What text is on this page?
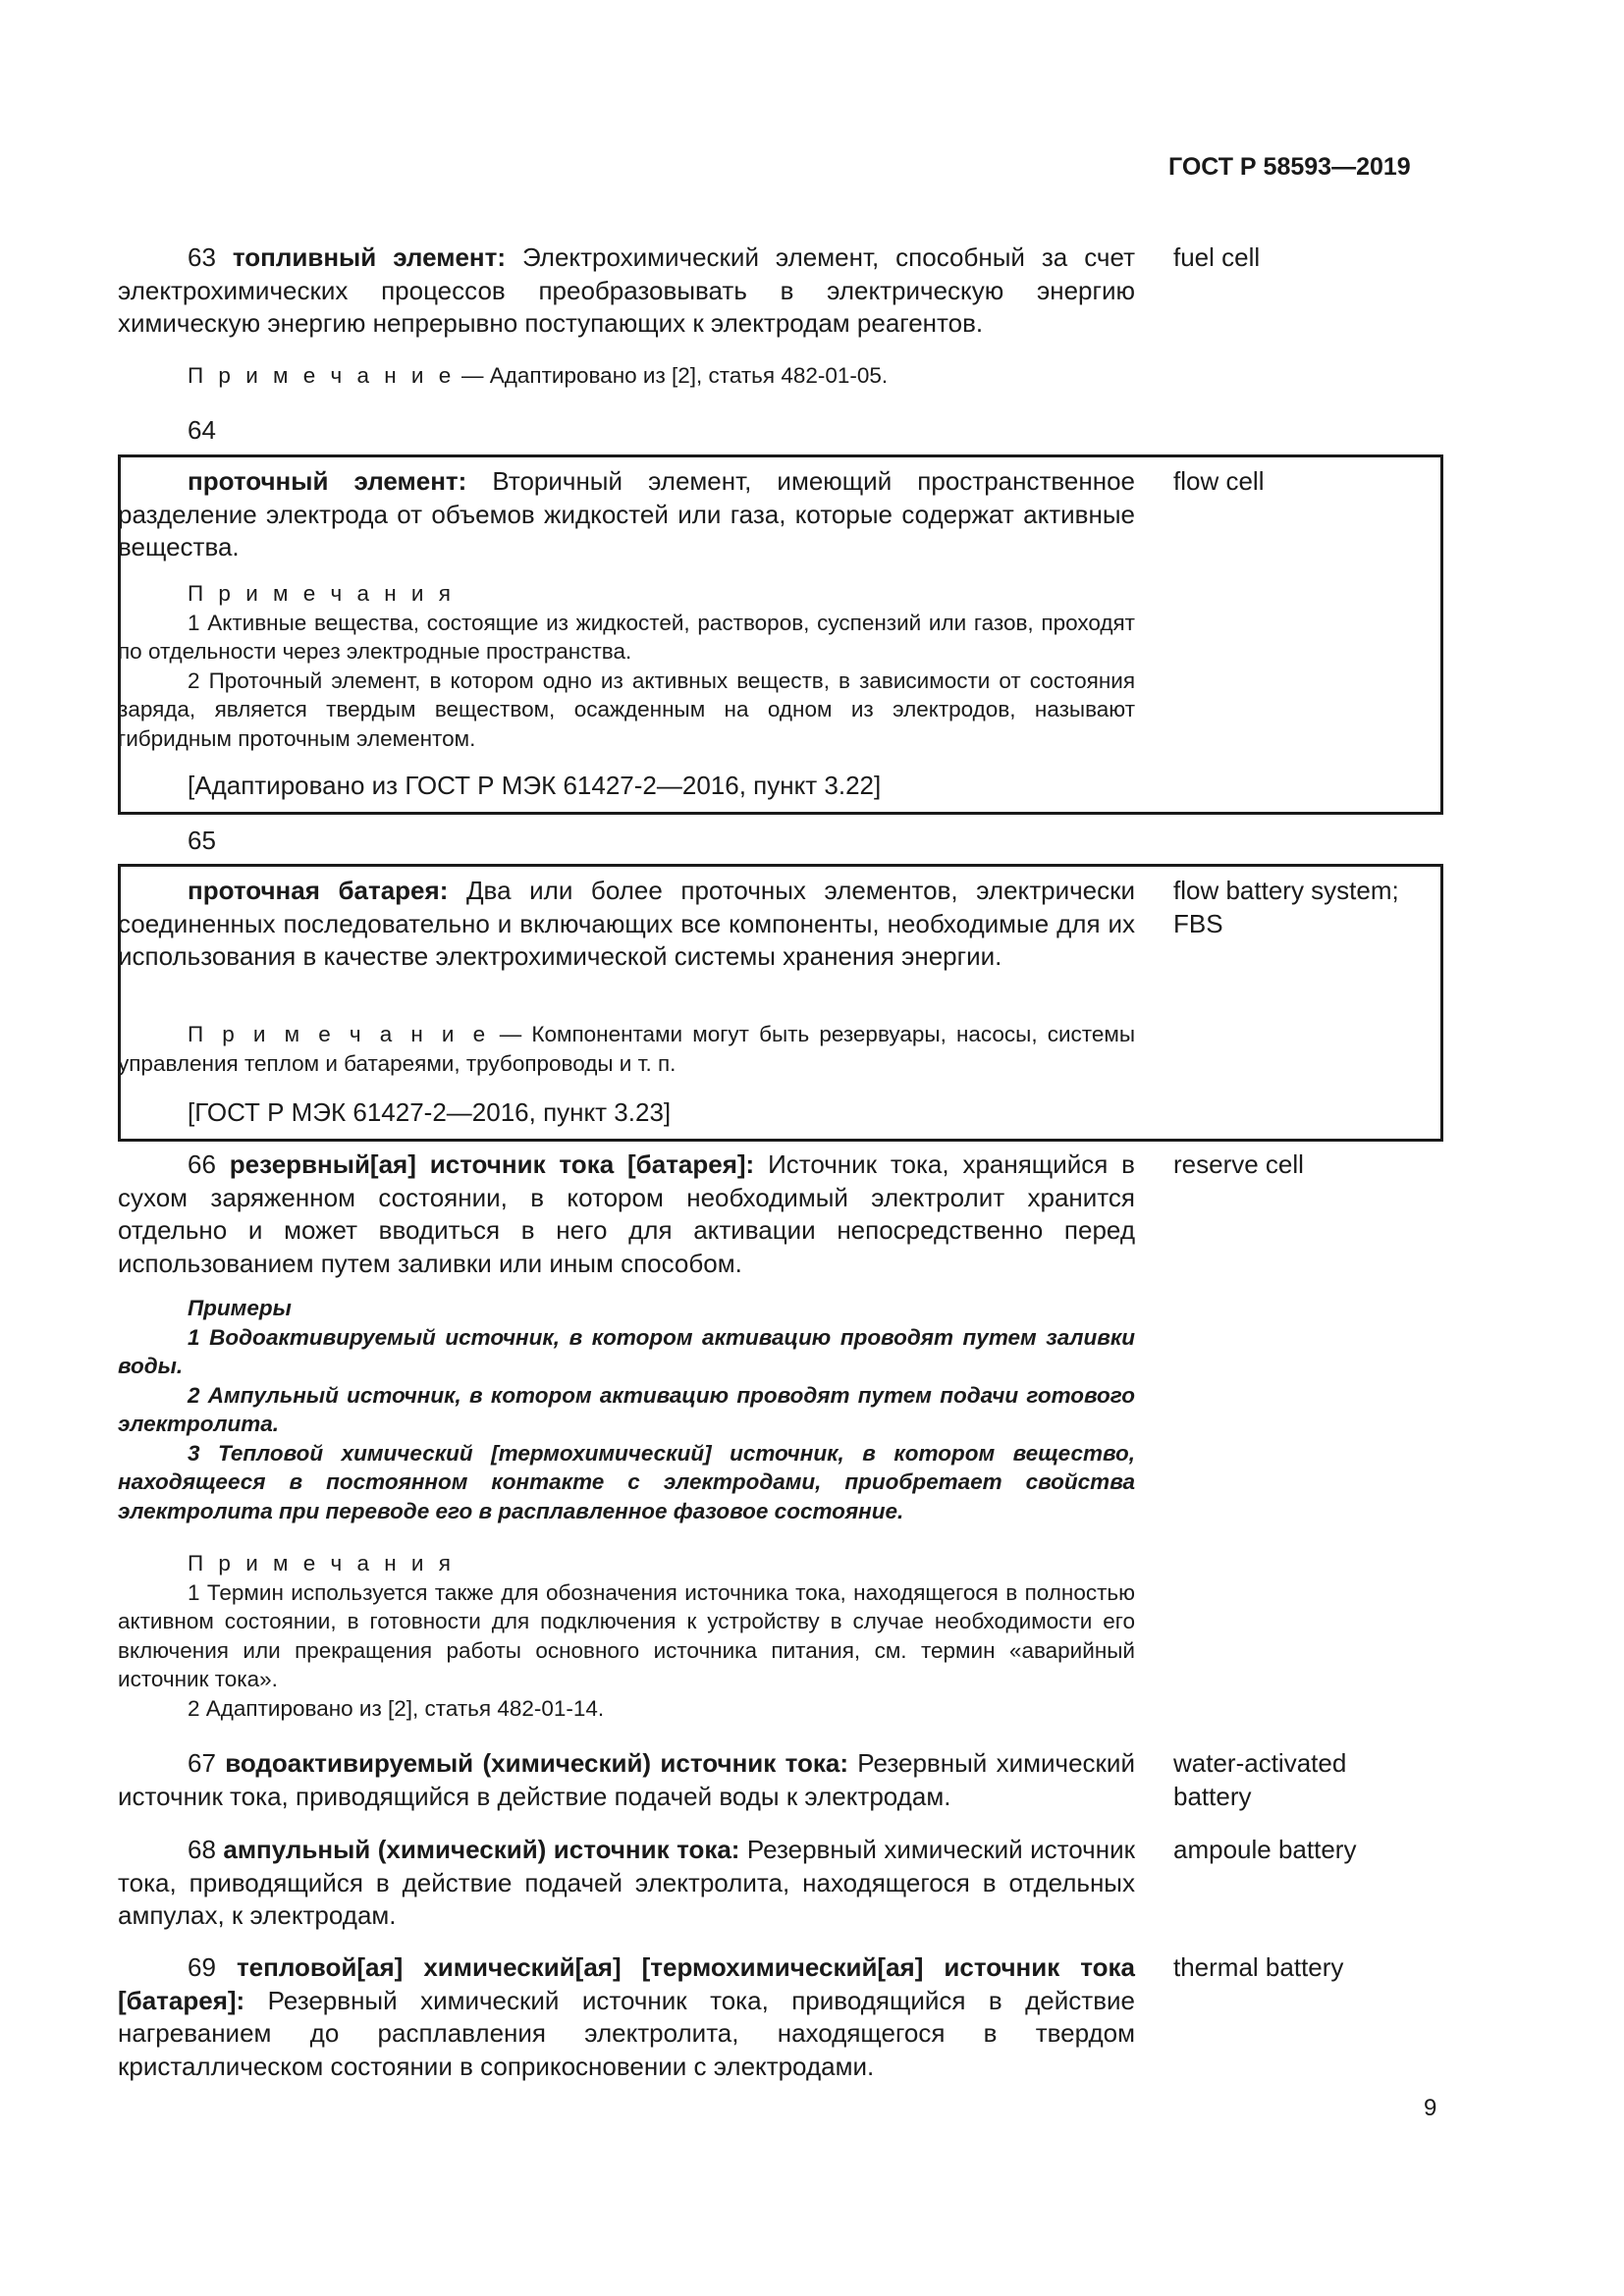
ГОСТ Р 58593—2019
63 топливный элемент: Электрохимический элемент, способный за счет электрохимических процессов преобразовывать в электрическую энергию химическую энергию непрерывно поступающих к электродам реагентов.
fuel cell
П р и м е ч а н и е — Адаптировано из [2], статья 482-01-05.
64
проточный элемент: Вторичный элемент, имеющий пространственное разделение электрода от объемов жидкостей или газа, которые содержат активные вещества.
flow cell
П р и м е ч а н и я
1 Активные вещества, состоящие из жидкостей, растворов, суспензий или газов, проходят по отдельности через электродные пространства.
2 Проточный элемент, в котором одно из активных веществ, в зависимости от состояния заряда, является твердым веществом, осажденным на одном из электродов, называют гибридным проточным элементом.
[Адаптировано из ГОСТ Р МЭК 61427-2—2016, пункт 3.22]
65
проточная батарея: Два или более проточных элементов, электрически соединенных последовательно и включающих все компоненты, необходимые для их использования в качестве электрохимической системы хранения энергии.
flow battery system;
FBS
П р и м е ч а н и е — Компонентами могут быть резервуары, насосы, системы управления теплом и батареями, трубопроводы и т. п.
[ГОСТ Р МЭК 61427-2—2016, пункт 3.23]
66 резервный[ая] источник тока [батарея]: Источник тока, хранящийся в сухом заряженном состоянии, в котором необходимый электролит хранится отдельно и может вводиться в него для активации непосредственно перед использованием путем заливки или иным способом.
reserve cell
Примеры
1 Водоактивируемый источник, в котором активацию проводят путем заливки воды.
2 Ампульный источник, в котором активацию проводят путем подачи готового электролита.
3 Тепловой химический [термохимический] источник, в котором вещество, находящееся в постоянном контакте с электродами, приобретает свойства электролита при переводе его в расплавленное фазовое состояние.
П р и м е ч а н и я
1 Термин используется также для обозначения источника тока, находящегося в полностью активном состоянии, в готовности для подключения к устройству в случае необходимости его включения или прекращения работы основного источника питания, см. термин «аварийный источник тока».
2 Адаптировано из [2], статья 482-01-14.
67 водоактивируемый (химический) источник тока: Резервный химический источник тока, приводящийся в действие подачей воды к электродам.
water-activated
battery
68 ампульный (химический) источник тока: Резервный химический источник тока, приводящийся в действие подачей электролита, находящегося в отдельных ампулах, к электродам.
ampoule battery
69 тепловой[ая] химический[ая] [термохимический[ая] источник тока [батарея]: Резервный химический источник тока, приводящийся в действие нагреванием до расплавления электролита, находящегося в твердом кристаллическом состоянии в соприкосновении с электродами.
thermal battery
9
